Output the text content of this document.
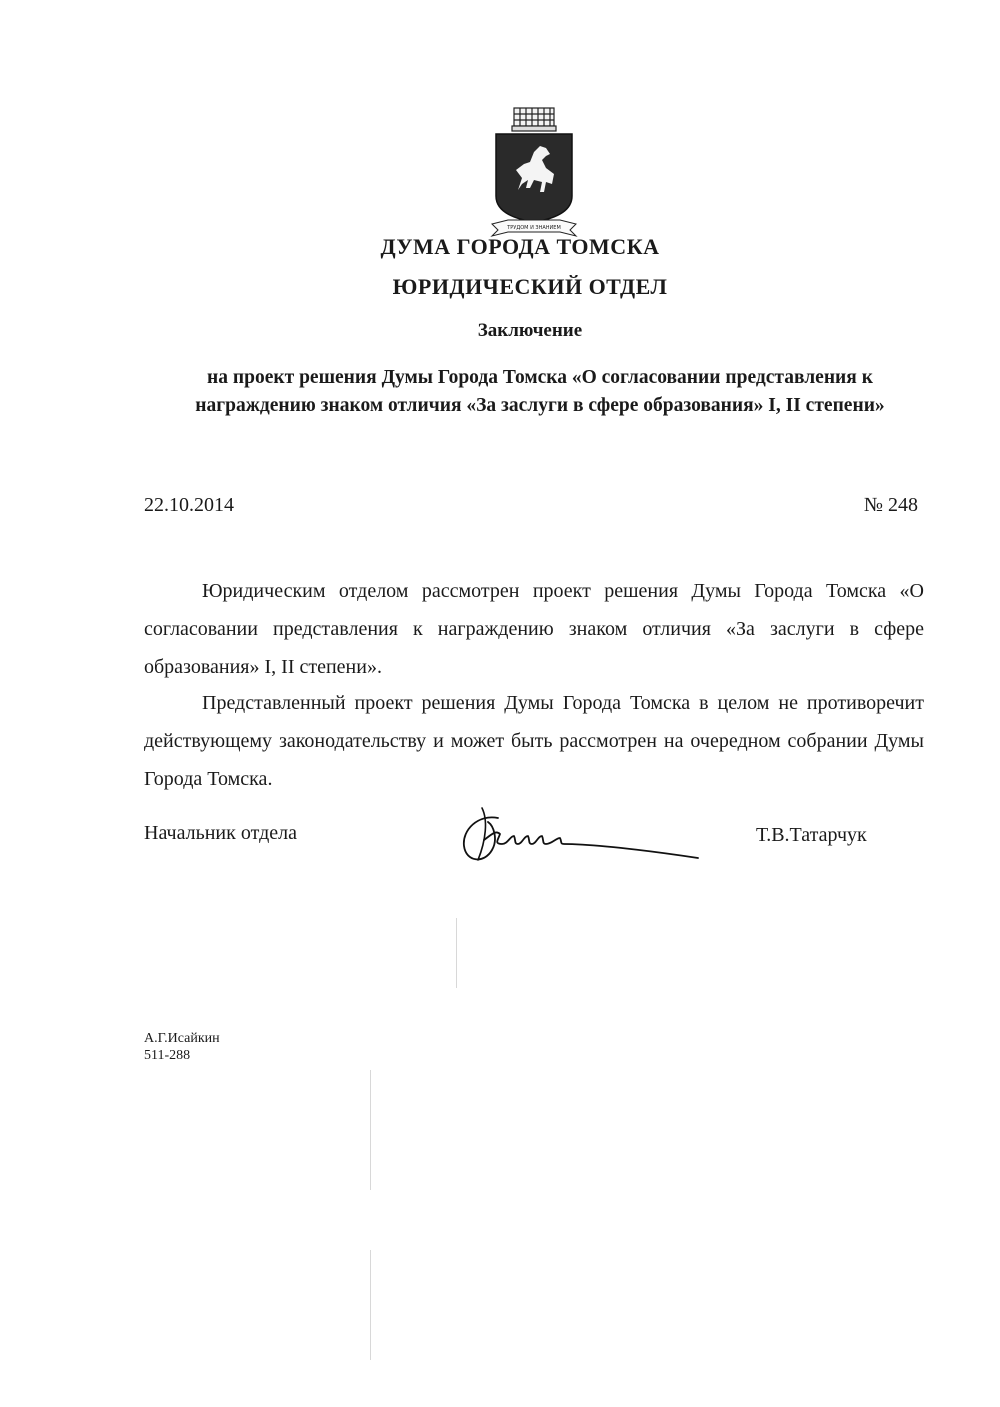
ТРУДОМ И ЗНАНИЕМ
ДУМА ГОРОДА ТОМСКА
ЮРИДИЧЕСКИЙ ОТДЕЛ
Заключение
на проект решения Думы Города Томска «О согласовании представления к награждению знаком отличия «За заслуги в сфере образования» I, II степени»
22.10.2014	№ 248
Юридическим отделом рассмотрен проект решения Думы Города Томска «О согласовании представления к награждению знаком отличия «За заслуги в сфере образования» I, II степени».
Представленный проект решения Думы Города Томска в целом не противоречит действующему законодательству и может быть рассмотрен на очередном собрании Думы Города Томска.
Начальник отдела	Т.В.Татарчук
А.Г.Исайкин
511-288
